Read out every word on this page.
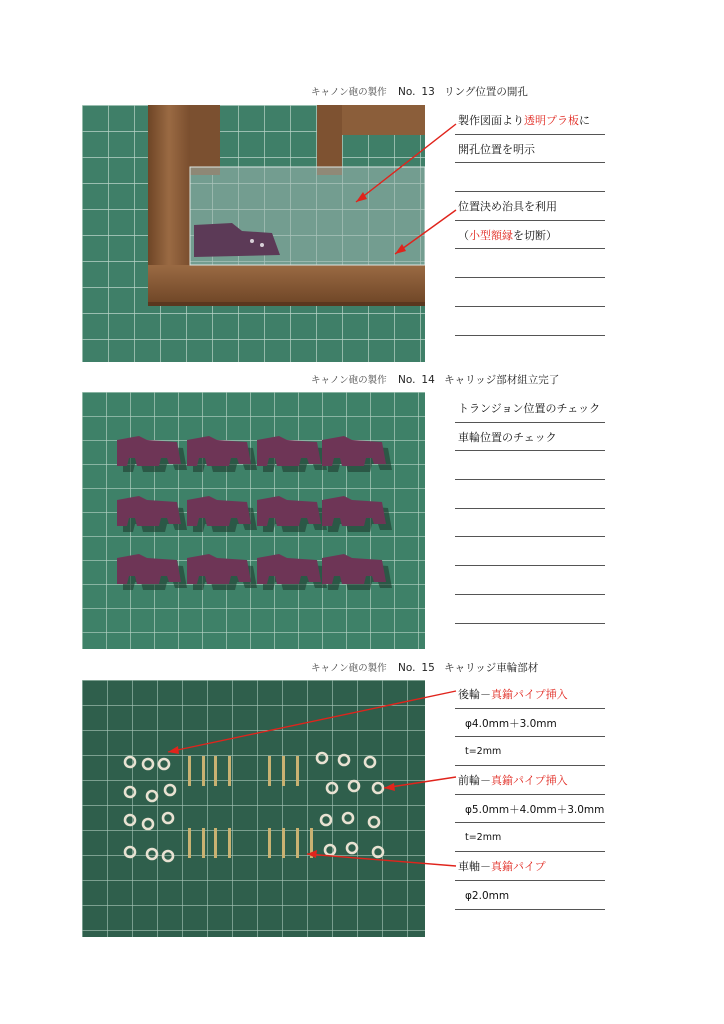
キャノン砲の製作 No. 13 リング位置の開孔
製作図面より透明プラ板に
開孔位置を明示
位置決め治具を利用
（小型額縁を切断）
キャノン砲の製作 No. 14 キャリッジ部材組立完了
トランジョン位置のチェック
車輪位置のチェック
キャノン砲の製作 No. 15 キャリッジ車輪部材
後輪－真鍮パイプ挿入
φ4.0mm＋3.0mm
t=2mm
前輪－真鍮パイプ挿入
φ5.0mm＋4.0mm＋3.0mm
t=2mm
車軸－真鍮パイプ
φ2.0mm
